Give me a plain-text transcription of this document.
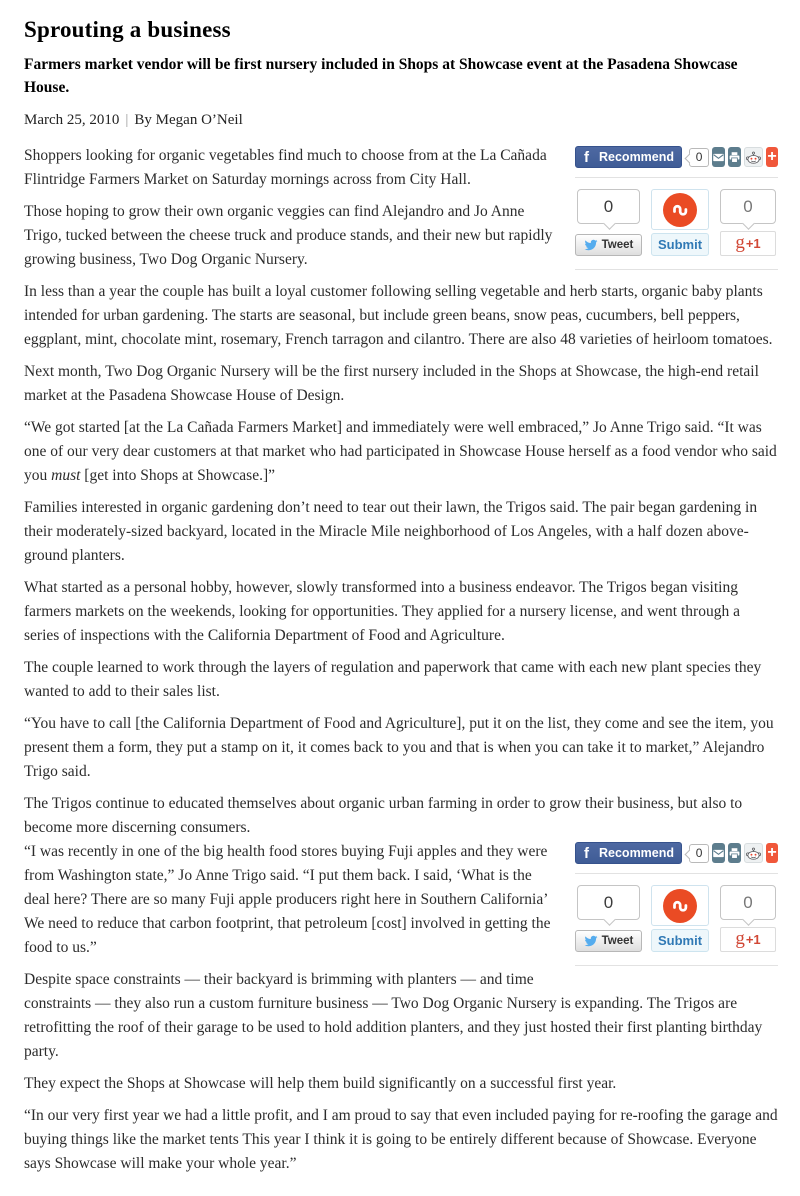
Sprouting a business
Farmers market vendor will be first nursery included in Shops at Showcase event at the Pasadena Showcase House.
March 25, 2010 | By Megan O’Neil
f Recommend	0	+
0
Tweet	Submit
0
g +1

Shoppers looking for organic vegetables find much to choose from at the La Cañada Flintridge Farmers Market on Saturday mornings across from City Hall.

Those hoping to grow their own organic veggies can find Alejandro and Jo Anne Trigo, tucked between the cheese truck and produce stands, and their new but rapidly growing business, Two Dog Organic Nursery.

In less than a year the couple has built a loyal customer following selling vegetable and herb starts, organic baby plants intended for urban gardening. The starts are seasonal, but include green beans, snow peas, cucumbers, bell peppers, eggplant, mint, chocolate mint, rosemary, French tarragon and cilantro. There are also 48 varieties of heirloom tomatoes.

Next month, Two Dog Organic Nursery will be the first nursery included in the Shops at Showcase, the high-end retail market at the Pasadena Showcase House of Design.

“We got started [at the La Cañada Farmers Market] and immediately were well embraced,” Jo Anne Trigo said. “It was one of our very dear customers at that market who had participated in Showcase House herself as a food vendor who said you must [get into Shops at Showcase.]”

Families interested in organic gardening don’t need to tear out their lawn, the Trigos said. The pair began gardening in their moderately-sized backyard, located in the Miracle Mile neighborhood of Los Angeles, with a half dozen above-ground planters.

What started as a personal hobby, however, slowly transformed into a business endeavor. The Trigos began visiting farmers markets on the weekends, looking for opportunities. They applied for a nursery license, and went through a series of inspections with the California Department of Food and Agriculture.

The couple learned to work through the layers of regulation and paperwork that came with each new plant species they wanted to add to their sales list.

“You have to call [the California Department of Food and Agriculture], put it on the list, they come and see the item, you present them a form, they put a stamp on it, it comes back to you and that is when you can take it to market,” Alejandro Trigo said.

The Trigos continue to educated themselves about organic urban farming in order to grow their business, but also to become more discerning consumers.

f Recommend	0	+
0
Tweet	Submit
0
g +1

“I was recently in one of the big health food stores buying Fuji apples and they were from Washington state,” Jo Anne Trigo said. “I put them back. I said, ‘What is the deal here? There are so many Fuji apple producers right here in Southern California’ We need to reduce that carbon footprint, that petroleum [cost] involved in getting the food to us.”

Despite space constraints — their backyard is brimming with planters — and time constraints — they also run a custom furniture business — Two Dog Organic Nursery is expanding. The Trigos are retrofitting the roof of their garage to be used to hold addition planters, and they just hosted their first planting birthday party.

They expect the Shops at Showcase will help them build significantly on a successful first year.

“In our very first year we had a little profit, and I am proud to say that even included paying for re-roofing the garage and buying things like the market tents This year I think it is going to be entirely different because of Showcase. Everyone says Showcase will make your whole year.”
